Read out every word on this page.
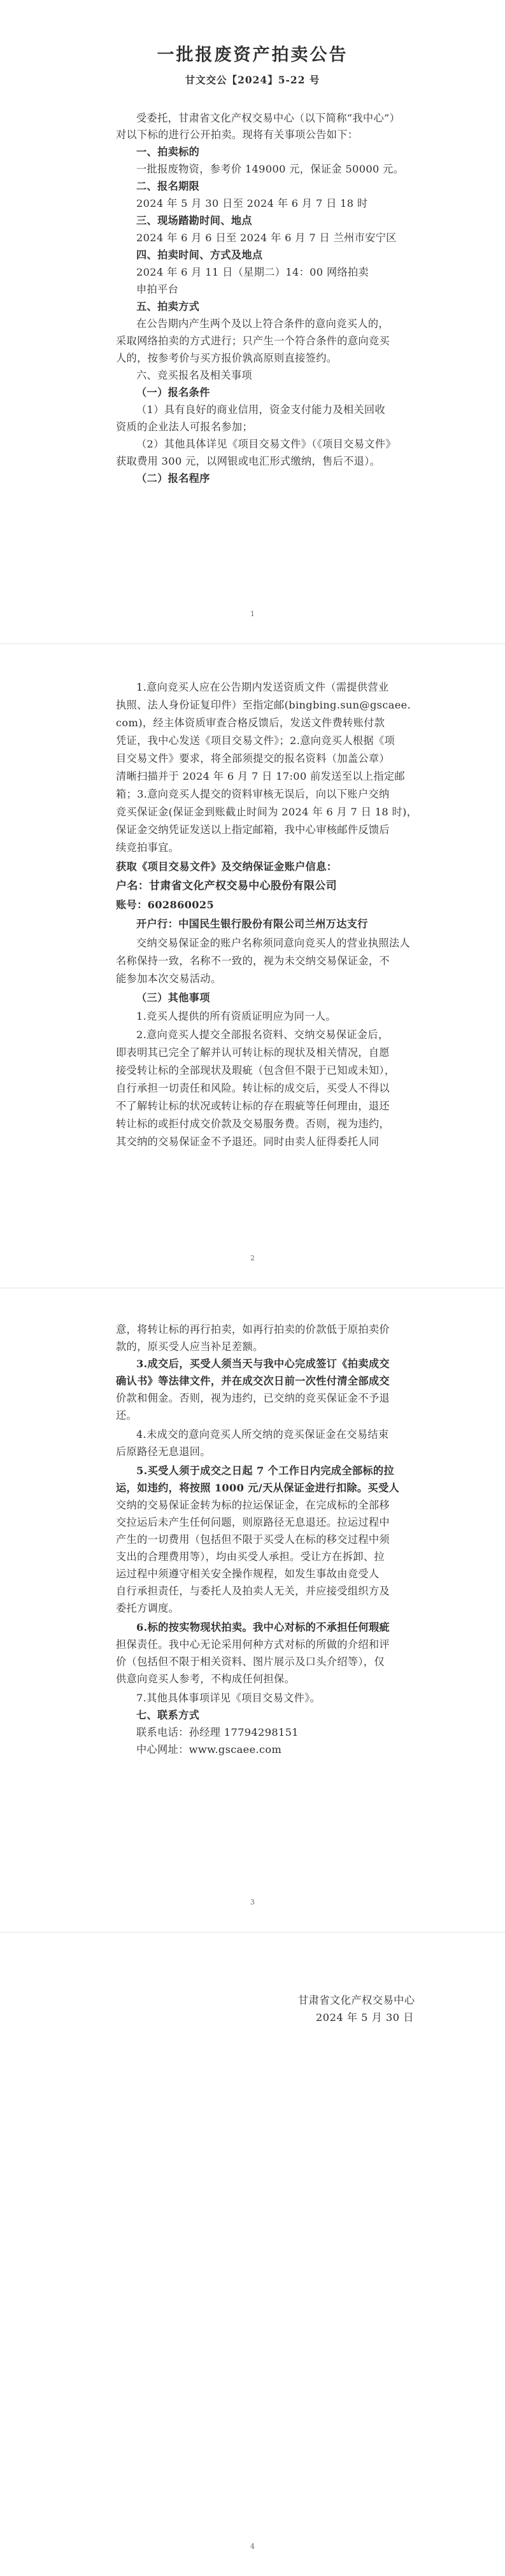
一批报废资产拍卖公告
甘文交公【2024】5-22 号
受委托，甘肃省文化产权交易中心（以下简称“我中心”）
对以下标的进行公开拍卖。现将有关事项公告如下：
一、拍卖标的
一批报废物资，参考价 149000 元，保证金 50000 元。
二、报名期限
2024 年 5 月 30 日至 2024 年 6 月 7 日 18 时
三、现场踏勘时间、地点
2024 年 6 月 6 日至 2024 年 6 月 7 日 兰州市安宁区
四、拍卖时间、方式及地点
2024 年 6 月 11 日（星期二）14：00 网络拍卖
申拍平台
五、拍卖方式
在公告期内产生两个及以上符合条件的意向竞买人的，
采取网络拍卖的方式进行；只产生一个符合条件的意向竞买
人的，按参考价与买方报价孰高原则直接签约。
六、竞买报名及相关事项
（一）报名条件
（1）具有良好的商业信用，资金支付能力及相关回收
资质的企业法人可报名参加；
（2）其他具体详见《项目交易文件》（《项目交易文件》
获取费用 300 元，以网银或电汇形式缴纳，售后不退）。
（二）报名程序
1
1.意向竞买人应在公告期内发送资质文件（需提供营业
执照、法人身份证复印件）至指定邮(bingbing.sun@gscaee.
com)，经主体资质审查合格反馈后，发送文件费转账付款
凭证，我中心发送《项目交易文件》；2.意向竞买人根据《项
目交易文件》要求，将全部须提交的报名资料（加盖公章）
清晰扫描并于 2024 年 6 月 7 日 17:00 前发送至以上指定邮
箱；3.意向竞买人提交的资料审核无误后，向以下账户交纳
竞买保证金(保证金到账截止时间为 2024 年 6 月 7 日 18 时)，
保证金交纳凭证发送以上指定邮箱，我中心审核邮件反馈后
续竞拍事宜。
获取《项目交易文件》及交纳保证金账户信息：
户名：甘肃省文化产权交易中心股份有限公司
账号：602860025
开户行：中国民生银行股份有限公司兰州万达支行
交纳交易保证金的账户名称须同意向竞买人的营业执照法人
名称保持一致，名称不一致的，视为未交纳交易保证金，不
能参加本次交易活动。
（三）其他事项
1.竞买人提供的所有资质证明应为同一人。
2.意向竞买人提交全部报名资料、交纳交易保证金后，
即表明其已完全了解并认可转让标的现状及相关情况，自愿
接受转让标的全部现状及瑕疵（包含但不限于已知或未知），
自行承担一切责任和风险。转让标的成交后，买受人不得以
不了解转让标的状况或转让标的存在瑕疵等任何理由，退还
转让标的或拒付成交价款及交易服务费。否则，视为违约，
其交纳的交易保证金不予退还。同时由卖人征得委托人同
2
意，将转让标的再行拍卖，如再行拍卖的价款低于原拍卖价
款的，原买受人应当补足差额。
3.成交后，买受人须当天与我中心完成签订《拍卖成交
确认书》等法律文件，并在成交次日前一次性付清全部成交
价款和佣金。否则，视为违约，已交纳的竞买保证金不予退
还。
4.未成交的意向竞买人所交纳的竞买保证金在交易结束
后原路径无息退回。
5.买受人须于成交之日起 7 个工作日内完成全部标的拉
运，如违约，将按照 1000 元/天从保证金进行扣除。买受人
交纳的交易保证金转为标的拉运保证金，在完成标的全部移
交拉运后未产生任何问题，则原路径无息退还。拉运过程中
产生的一切费用（包括但不限于买受人在标的移交过程中须
支出的合理费用等），均由买受人承担。受让方在拆卸、拉
运过程中须遵守相关安全操作规程，如发生事故由竞受人
自行承担责任，与委托人及拍卖人无关，并应接受组织方及
委托方调度。
6.标的按实物现状拍卖。我中心对标的不承担任何瑕疵
担保责任。我中心无论采用何种方式对标的所做的介绍和评
价（包括但不限于相关资料、图片展示及口头介绍等），仅
供意向竞买人参考，不构成任何担保。
7.其他具体事项详见《项目交易文件》。
七、联系方式
联系电话：孙经理 17794298151
中心网址：www.gscaee.com
3
甘肃省文化产权交易中心
2024 年 5 月 30 日
4
